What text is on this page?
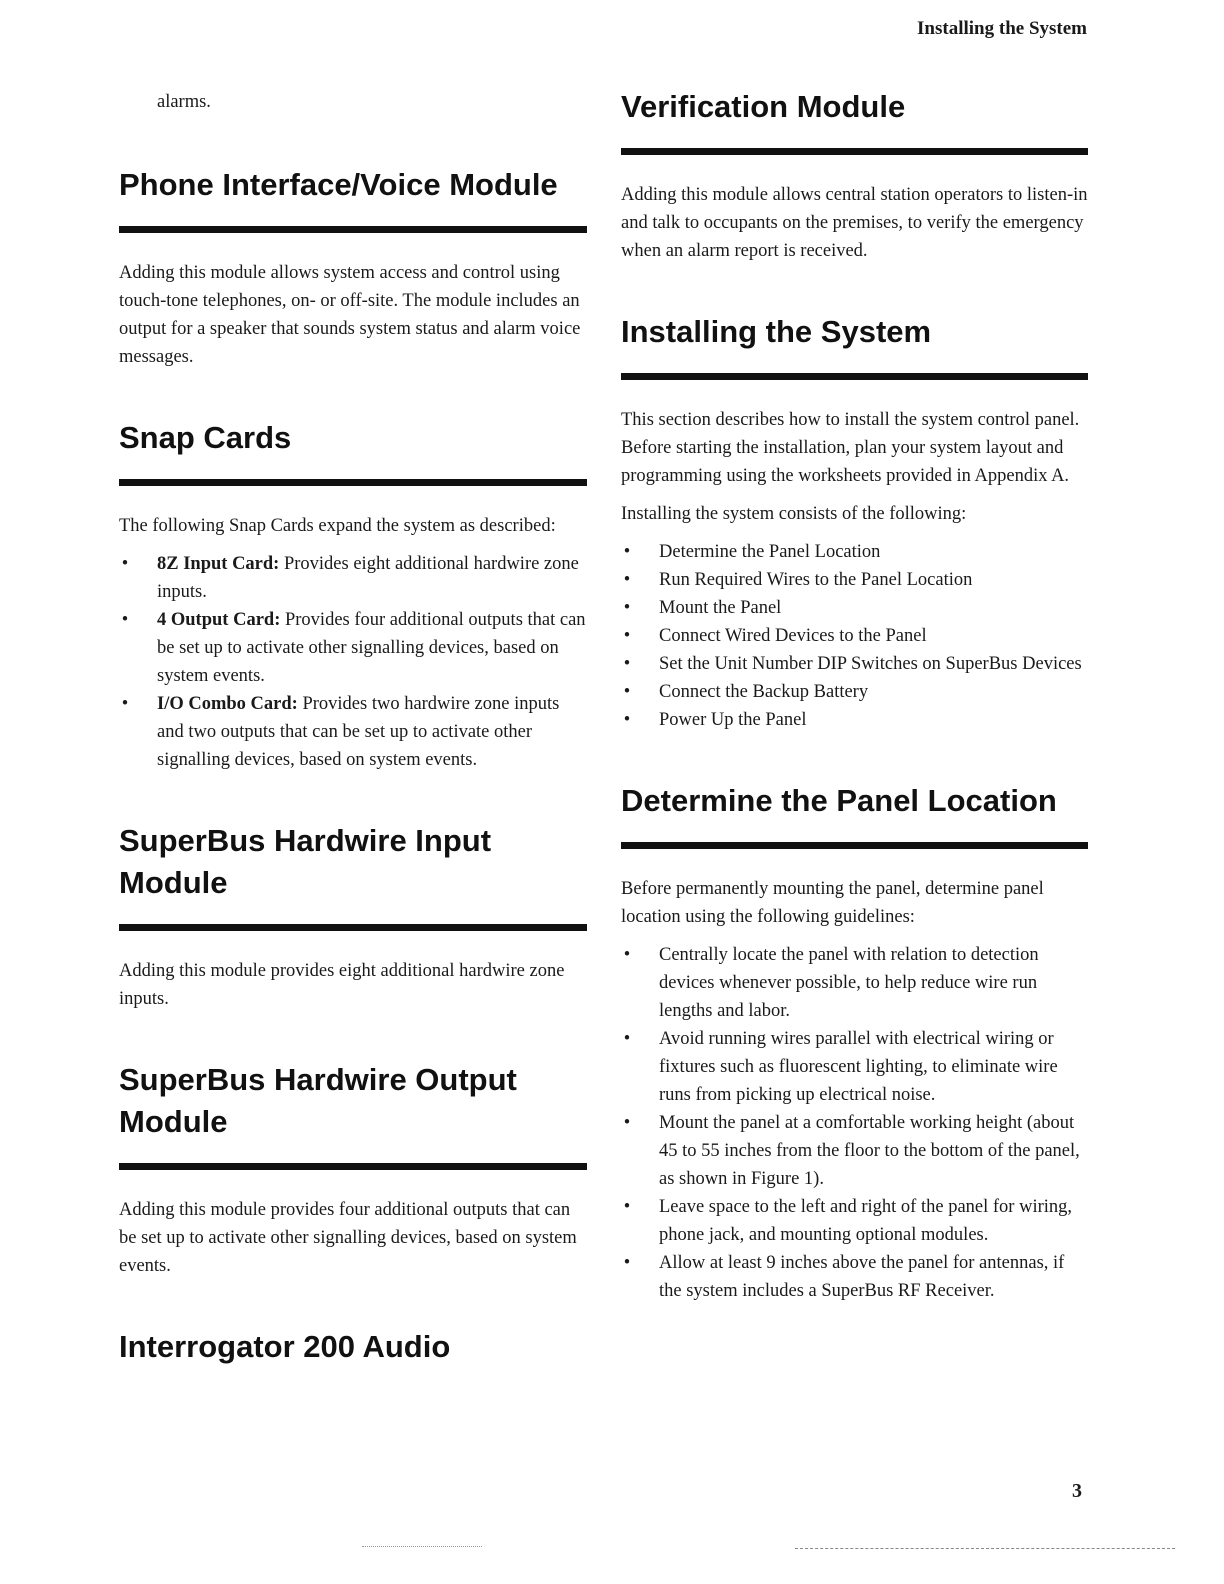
Installing the System

alarms.

Phone Interface/Voice Module

Adding this module allows system access and control using touch-tone telephones, on- or off-site. The module includes an output for a speaker that sounds system status and alarm voice messages.

Snap Cards

The following Snap Cards expand the system as described:

• 8Z Input Card: Provides eight additional hardwire zone inputs.
• 4 Output Card: Provides four additional outputs that can be set up to activate other signalling devices, based on system events.
• I/O Combo Card: Provides two hardwire zone inputs and two outputs that can be set up to activate other signalling devices, based on system events.
SuperBus Hardwire Input Module

Adding this module provides eight additional hardwire zone inputs.

SuperBus Hardwire Output Module

Adding this module provides four additional outputs that can be set up to activate other signalling devices, based on system events.

Interrogator 200 Audio
Verification Module

Adding this module allows central station operators to listen-in and talk to occupants on the premises, to verify the emergency when an alarm report is received.

Installing the System

This section describes how to install the system control panel. Before starting the installation, plan your system layout and programming using the worksheets provided in Appendix A.

Installing the system consists of the following:

• Determine the Panel Location
• Run Required Wires to the Panel Location
• Mount the Panel
• Connect Wired Devices to the Panel
• Set the Unit Number DIP Switches on SuperBus Devices
• Connect the Backup Battery
• Power Up the Panel
Determine the Panel Location

Before permanently mounting the panel, determine panel location using the following guidelines:

• Centrally locate the panel with relation to detection devices whenever possible, to help reduce wire run lengths and labor.
• Avoid running wires parallel with electrical wiring or fixtures such as fluorescent lighting, to eliminate wire runs from picking up electrical noise.
• Mount the panel at a comfortable working height (about 45 to 55 inches from the floor to the bottom of the panel, as shown in Figure 1).
• Leave space to the left and right of the panel for wiring, phone jack, and mounting optional modules.
• Allow at least 9 inches above the panel for antennas, if the system includes a SuperBus RF Receiver.
3
